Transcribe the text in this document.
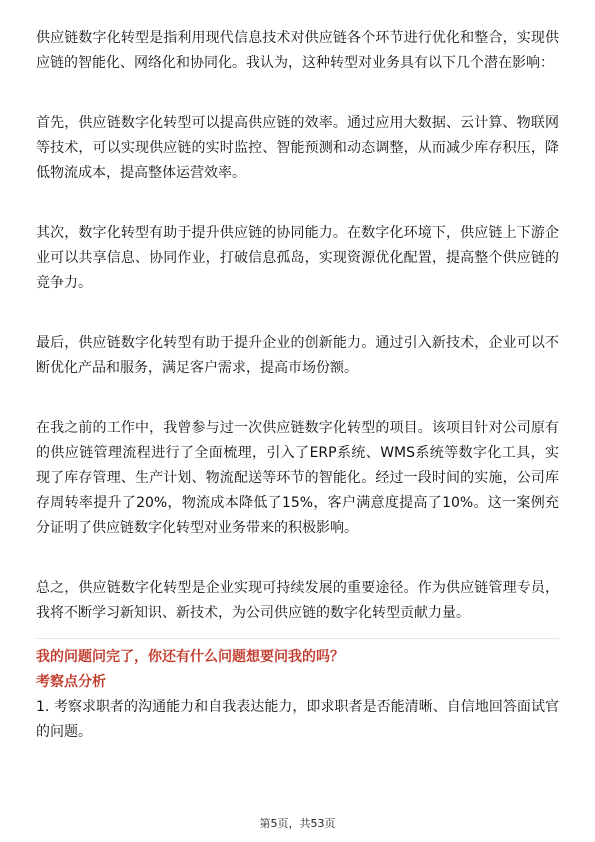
供应链数字化转型是指利用现代信息技术对供应链各个环节进行优化和整合，实现供应链的智能化、网络化和协同化。我认为，这种转型对业务具有以下几个潜在影响：

首先，供应链数字化转型可以提高供应链的效率。通过应用大数据、云计算、物联网等技术，可以实现供应链的实时监控、智能预测和动态调整，从而减少库存积压，降低物流成本，提高整体运营效率。

其次，数字化转型有助于提升供应链的协同能力。在数字化环境下，供应链上下游企业可以共享信息、协同作业，打破信息孤岛，实现资源优化配置，提高整个供应链的竞争力。

最后，供应链数字化转型有助于提升企业的创新能力。通过引入新技术，企业可以不断优化产品和服务，满足客户需求，提高市场份额。

在我之前的工作中，我曾参与过一次供应链数字化转型的项目。该项目针对公司原有的供应链管理流程进行了全面梳理，引入了ERP系统、WMS系统等数字化工具，实现了库存管理、生产计划、物流配送等环节的智能化。经过一段时间的实施，公司库存周转率提升了20%，物流成本降低了15%，客户满意度提高了10%。这一案例充分证明了供应链数字化转型对业务带来的积极影响。

总之，供应链数字化转型是企业实现可持续发展的重要途径。作为供应链管理专员，我将不断学习新知识、新技术，为公司供应链的数字化转型贡献力量。

我的问题问完了，你还有什么问题想要问我的吗？

考察点分析

1. 考察求职者的沟通能力和自我表达能力，即求职者是否能清晰、自信地回答面试官的问题。

第5页，共53页
